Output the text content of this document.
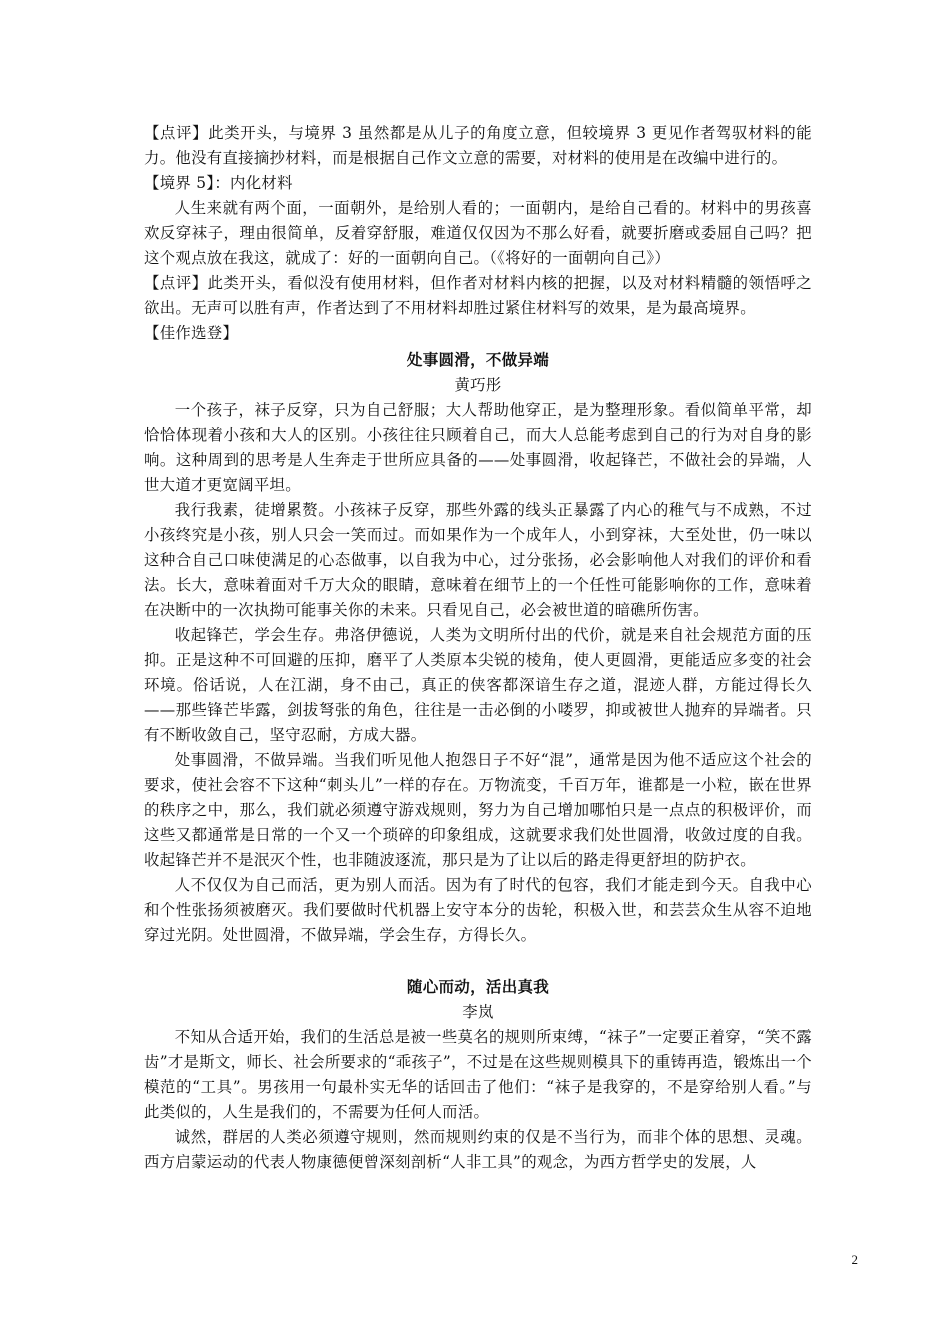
【点评】此类开头，与境界 3 虽然都是从儿子的角度立意，但较境界 3 更见作者驾驭材料的能力。他没有直接摘抄材料，而是根据自己作文立意的需要，对材料的使用是在改编中进行的。

【境界 5】：内化材料

人生来就有两个面，一面朝外，是给别人看的；一面朝内，是给自己看的。材料中的男孩喜欢反穿袜子，理由很简单，反着穿舒服，难道仅仅因为不那么好看，就要折磨或委屈自己吗？把这个观点放在我这，就成了：好的一面朝向自己。（《将好的一面朝向自己》）

【点评】此类开头，看似没有使用材料，但作者对材料内核的把握，以及对材料精髓的领悟呼之欲出。无声可以胜有声，作者达到了不用材料却胜过紧住材料写的效果，是为最高境界。

【佳作选登】

处事圆滑，不做异端

黄巧彤

一个孩子，袜子反穿，只为自己舒服；大人帮助他穿正，是为整理形象。看似简单平常，却恰恰体现着小孩和大人的区别。小孩往往只顾着自己，而大人总能考虑到自己的行为对自身的影响。这种周到的思考是人生奔走于世所应具备的——处事圆滑，收起锋芒，不做社会的异端，人世大道才更宽阔平坦。

我行我素，徒增累赘。小孩袜子反穿，那些外露的线头正暴露了内心的稚气与不成熟，不过小孩终究是小孩，别人只会一笑而过。而如果作为一个成年人，小到穿袜，大至处世，仍一味以这种合自己口味使满足的心态做事，以自我为中心，过分张扬，必会影响他人对我们的评价和看法。长大，意味着面对千万大众的眼睛，意味着在细节上的一个任性可能影响你的工作，意味着在决断中的一次执拗可能事关你的未来。只看见自己，必会被世道的暗礁所伤害。

收起锋芒，学会生存。弗洛伊德说，人类为文明所付出的代价，就是来自社会规范方面的压抑。正是这种不可回避的压抑，磨平了人类原本尖锐的棱角，使人更圆滑，更能适应多变的社会环境。俗话说，人在江湖，身不由己，真正的侠客都深谙生存之道，混迹人群，方能过得长久——那些锋芒毕露，剑拔弩张的角色，往往是一击必倒的小喽罗，抑或被世人抛弃的异端者。只有不断收敛自己，坚守忍耐，方成大器。

处事圆滑，不做异端。当我们听见他人抱怨日子不好“混”，通常是因为他不适应这个社会的要求，使社会容不下这种“刺头儿”一样的存在。万物流变，千百万年，谁都是一小粒，嵌在世界的秩序之中，那么，我们就必须遵守游戏规则，努力为自己增加哪怕只是一点点的积极评价，而这些又都通常是日常的一个又一个琐碎的印象组成，这就要求我们处世圆滑，收敛过度的自我。收起锋芒并不是泯灭个性，也非随波逐流，那只是为了让以后的路走得更舒坦的防护衣。

人不仅仅为自己而活，更为别人而活。因为有了时代的包容，我们才能走到今天。自我中心和个性张扬须被磨灭。我们要做时代机器上安守本分的齿轮，积极入世，和芸芸众生从容不迫地穿过光阴。处世圆滑，不做异端，学会生存，方得长久。

随心而动，活出真我

李岚

不知从合适开始，我们的生活总是被一些莫名的规则所束缚，“袜子”一定要正着穿，“笑不露齿”才是斯文，师长、社会所要求的“乖孩子”，不过是在这些规则模具下的重铸再造，锻炼出一个模范的“工具”。男孩用一句最朴实无华的话回击了他们：“袜子是我穿的，不是穿给别人看。”与此类似的，人生是我们的，不需要为任何人而活。

诚然，群居的人类必须遵守规则，然而规则约束的仅是不当行为，而非个体的思想、灵魂。西方启蒙运动的代表人物康德便曾深刻剖析“人非工具”的观念，为西方哲学史的发展，人

2
